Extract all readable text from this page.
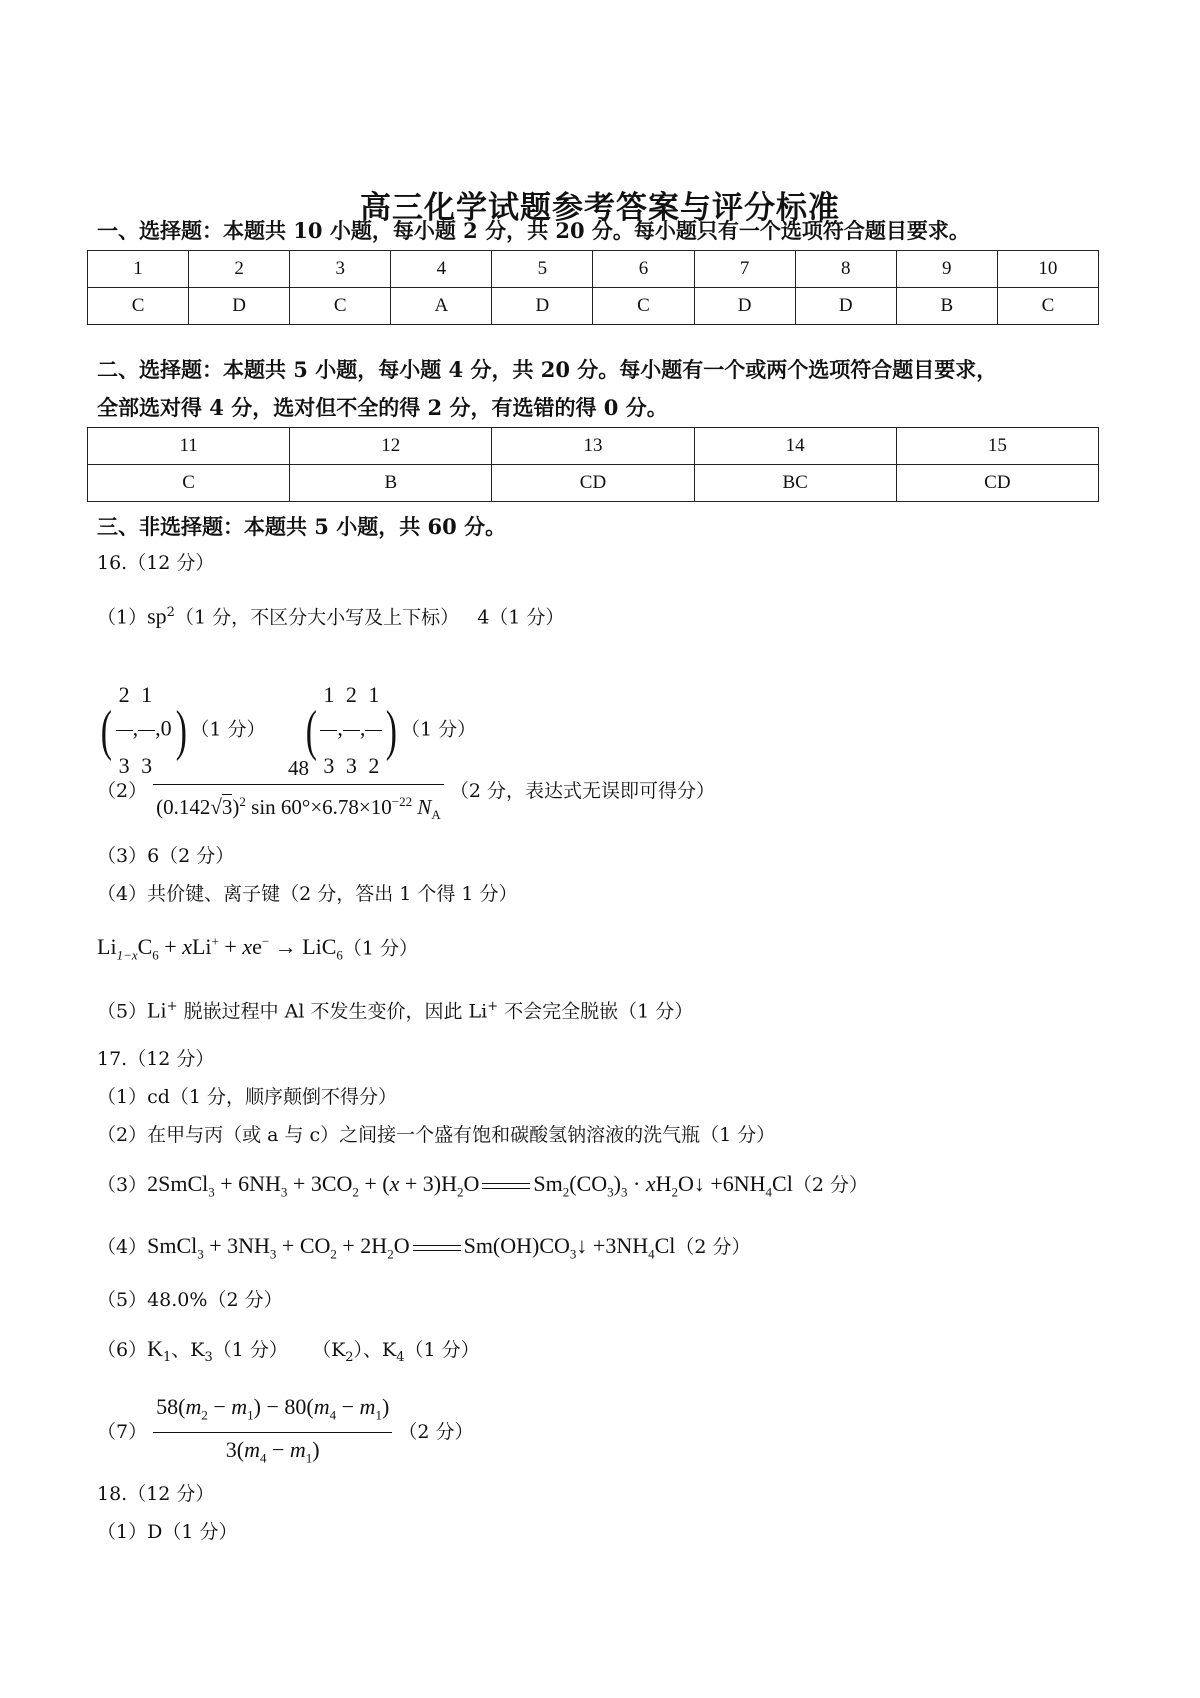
高三化学试题参考答案与评分标准
一、选择题：本题共 10 小题，每小题 2 分，共 20 分。每小题只有一个选项符合题目要求。
1	2	3	4	5	6	7	8	9	10
C	D	C	A	D	C	D	D	B	C
二、选择题：本题共 5 小题，每小题 4 分，共 20 分。每小题有一个或两个选项符合题目要求，
全部选对得 4 分，选对但不全的得 2 分，有选错的得 0 分。
11	12	13	14	15
C	B	CD	BC	CD
三、非选择题：本题共 5 小题，共 60 分。
16.（12 分）
$(1)sp^2(1$ 分，不区分大小写及上下标） 4（1 分）
( $\frac{2}{3}$ , $\frac{1}{3} ,0$) （1 分） ( $\frac{1}{3}$ , $\frac{2}{3}$ , $\frac{1}{2}$ ) （1 分）
$(2) \frac{48}{(0.142√3)^2 \sin 60^\circ\times 6.78\times 10^{-22} N_A} (2$ 分，表达式无误即可得分）
（3）6（2 分）
（4）共价键、离子键（2 分，答出 1 个得 1 分）
$Li_{1-x}C_6 + xLi^+ + xe^- \to LiC_6(1$ 分）
（5）Li+ 脱嵌过程中 Al 不发生变价，因此 Li+ 不会完全脱嵌（1 分）
17.（12 分）
（1）cd（1 分，顺序颠倒不得分）
（2）在甲与丙（或 a 与 c）之间接一个盛有饱和碳酸氢钠溶液的洗气瓶（1 分）
（3）2SmCl$_3$ + $6NH_3 + 3CO_2 + (x + 3)H_2O$ $Sm_2(CO_3)_3$ · $xH_2O↓ +6NH_4Cl(2$ 分）
（4）SmCl$_3$ + $3NH_3 + CO_2 + 2H_2O$ $Sm(OH)CO_3↓ +3NH_4Cl(2$ 分）
（5）48.0%（2 分）
$(6)K_1$、$K_3(1$ 分） $(K_2)$、$K_4(1$ 分）
$(7) \frac{58(m_2 - m_1) - 80(m_4 - m_1)}{3(m_4 - m_1)} (2$ 分）
18.（12 分）
（1）D（1 分）
